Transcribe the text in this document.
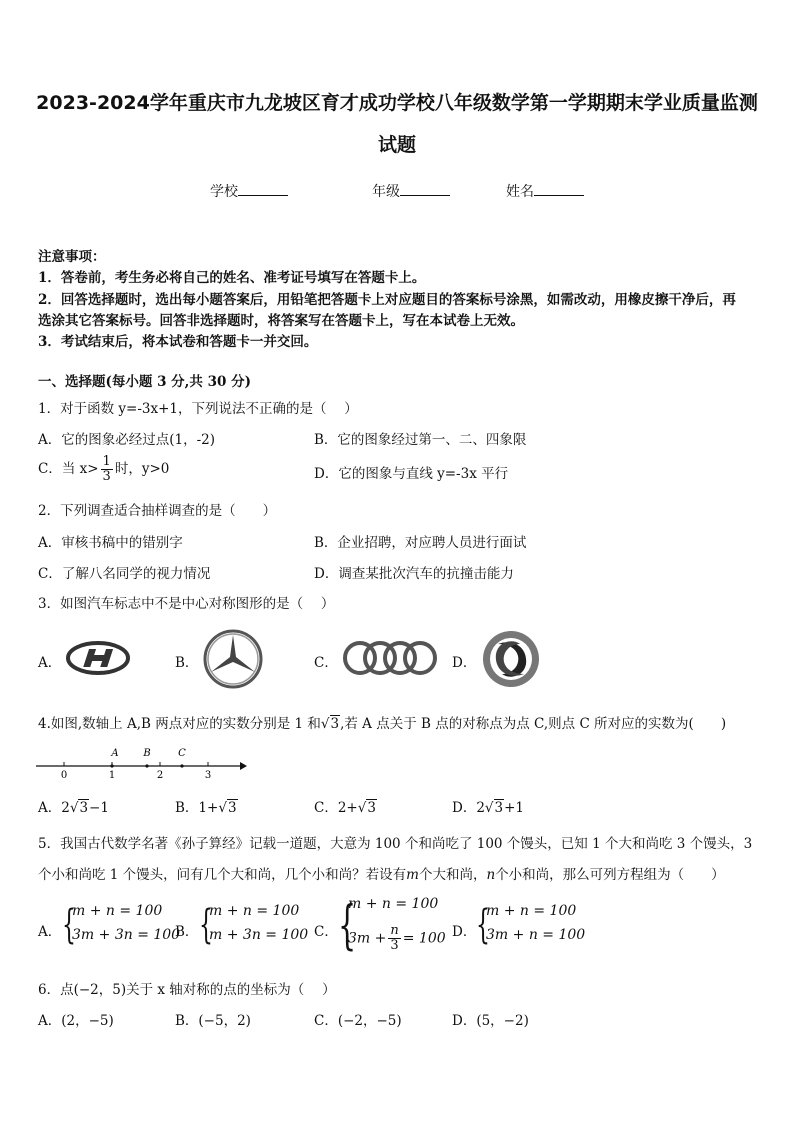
2023-2024学年重庆市九龙坡区育才成功学校八年级数学第一学期期末学业质量监测
试题
学校	年级	姓名
注意事项：
1．答卷前，考生务必将自己的姓名、准考证号填写在答题卡上。
2．回答选择题时，选出每小题答案后，用铅笔把答题卡上对应题目的答案标号涂黑，如需改动，用橡皮擦干净后，再
选涂其它答案标号。回答非选择题时，将答案写在答题卡上，写在本试卷上无效。
3．考试结束后，将本试卷和答题卡一并交回。
一、选择题(每小题 3 分,共 30 分)
1．对于函数 y=-3x+1，下列说法不正确的是（　 ）
A．它的图象必经过点(1，-2)	B．它的图象经过第一、二、四象限
C．当 $x> \frac{1}{3}$ 时，y>0	D．它的图象与直线 y=-3x 平行
2．下列调查适合抽样调查的是（　　）
A．审核书稿中的错别字	B．企业招聘，对应聘人员进行面试
C．了解八名同学的视力情况	D．调查某批次汽车的抗撞击能力
3．如图汽车标志中不是中心对称图形的是（　 ）
A．	B．	C．	D．
4.如图,数轴上 A,B 两点对应的实数分别是 1 和√3,若 A 点关于 B 点的对称点为点 C,则点 C 所对应的实数为(　　)
0	1	2	3
A B	C
A．2√3−1	B．1+√3	C．2+√3	D．2√3+1
5．我国古代数学名著《孙子算经》记载一道题，大意为 100 个和尚吃了 100 个馒头，已知 1 个大和尚吃 3 个馒头，3
个小和尚吃 1 个馒头，问有几个大和尚，几个小和尚？若设有m个大和尚，n个小和尚，那么可列方程组为（　　）
A． {
m + n = 100
3m + 3n = 100
B． {
m + n = 100
m + 3n = 100 C． {
m + n = 100
$3m + \frac{n}{3} = 100$ D． {
m + n = 100
3m + n = 100
6．点(−2，5)关于 x 轴对称的点的坐标为（　 ）
A．(2，−5)	B．(−5，2)	C．(−2，−5)	D．(5，−2)
